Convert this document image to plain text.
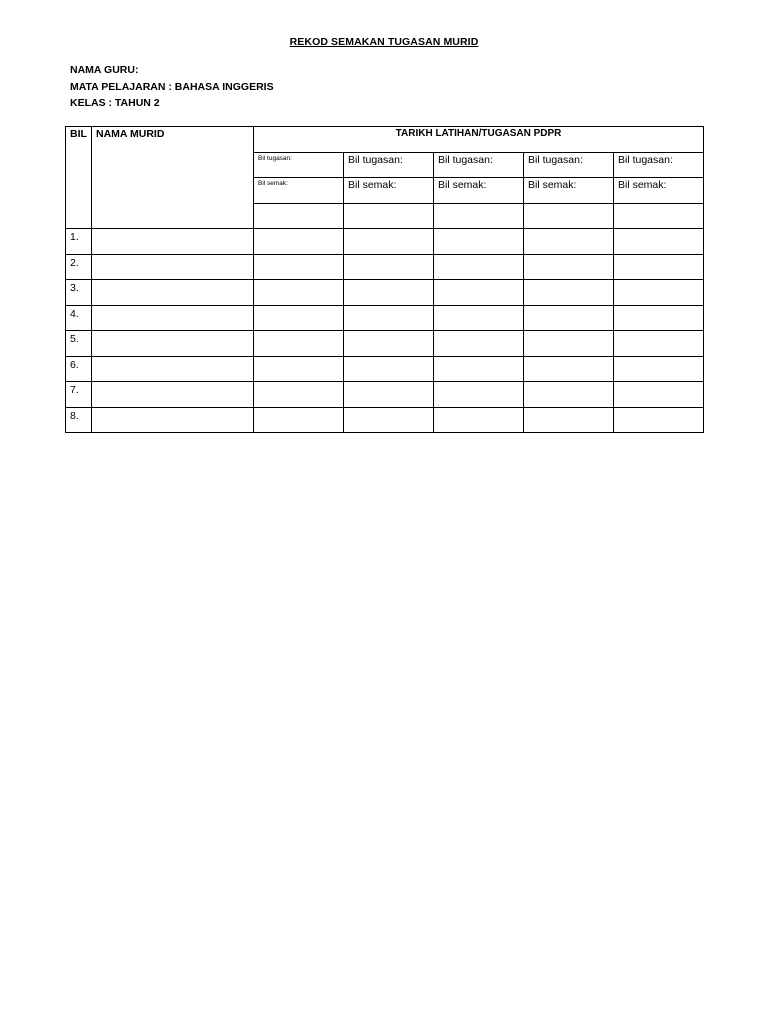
REKOD SEMAKAN TUGASAN MURID
NAMA GURU:
MATA PELAJARAN : BAHASA INGGERIS
KELAS : TAHUN 2
BIL	NAMA MURID	TARIKH LATIHAN/TUGASAN PDPR				
		Bil tugasan:	Bil tugasan:	Bil tugasan:	Bil tugasan:	Bil tugasan:
		Bil semak:	Bil semak:	Bil semak:	Bil semak:	Bil semak:

1.						
2.						
3.						
4.						
5.						
6.						
7.						
8.						
